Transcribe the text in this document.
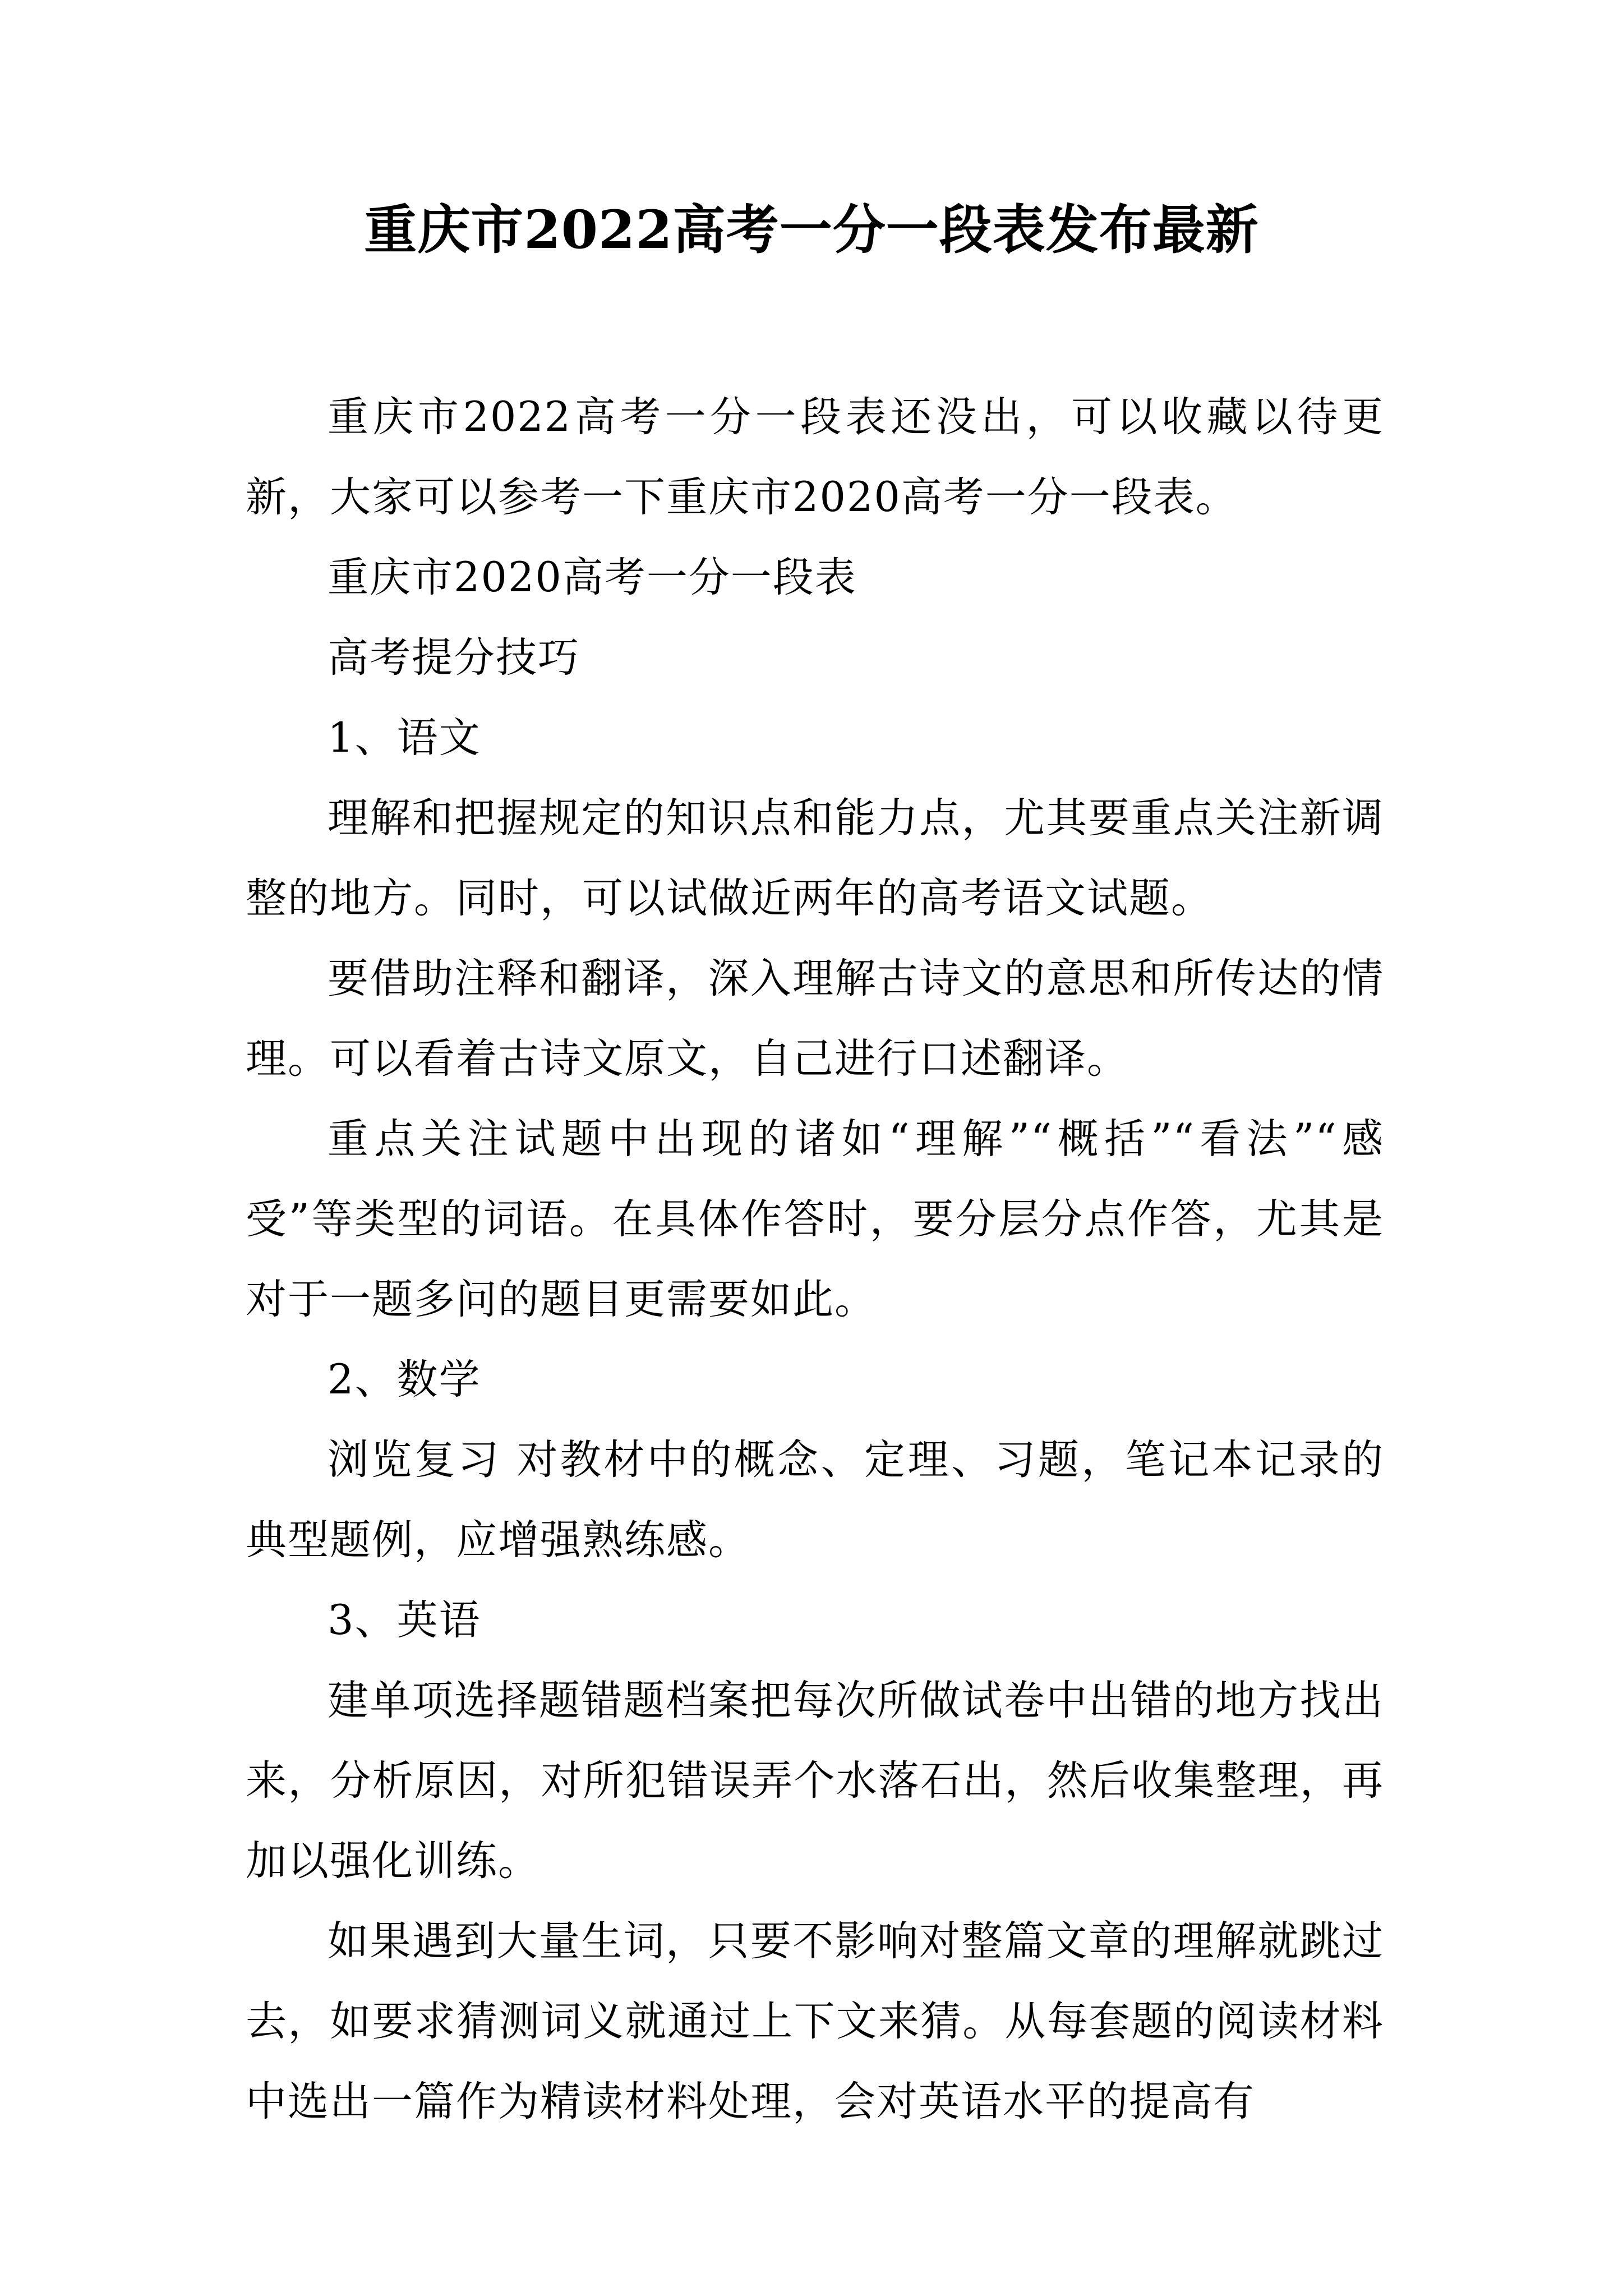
重庆市2022高考一分一段表发布最新

重庆市2022高考一分一段表还没出，可以收藏以待更新，大家可以参考一下重庆市2020高考一分一段表。

重庆市2020高考一分一段表

高考提分技巧

1、语文

理解和把握规定的知识点和能力点，尤其要重点关注新调整的地方。同时，可以试做近两年的高考语文试题。

要借助注释和翻译，深入理解古诗文的意思和所传达的情理。可以看着古诗文原文，自己进行口述翻译。

重点关注试题中出现的诸如“理解”“概括”“看法”“感受”等类型的词语。在具体作答时，要分层分点作答，尤其是对于一题多问的题目更需要如此。

2、数学

浏览复习 对教材中的概念、定理、习题，笔记本记录的典型题例，应增强熟练感。

3、英语

建单项选择题错题档案把每次所做试卷中出错的地方找出来，分析原因，对所犯错误弄个水落石出，然后收集整理，再加以强化训练。

如果遇到大量生词，只要不影响对整篇文章的理解就跳过去，如要求猜测词义就通过上下文来猜。从每套题的阅读材料中选出一篇作为精读材料处理，会对英语水平的提高有
